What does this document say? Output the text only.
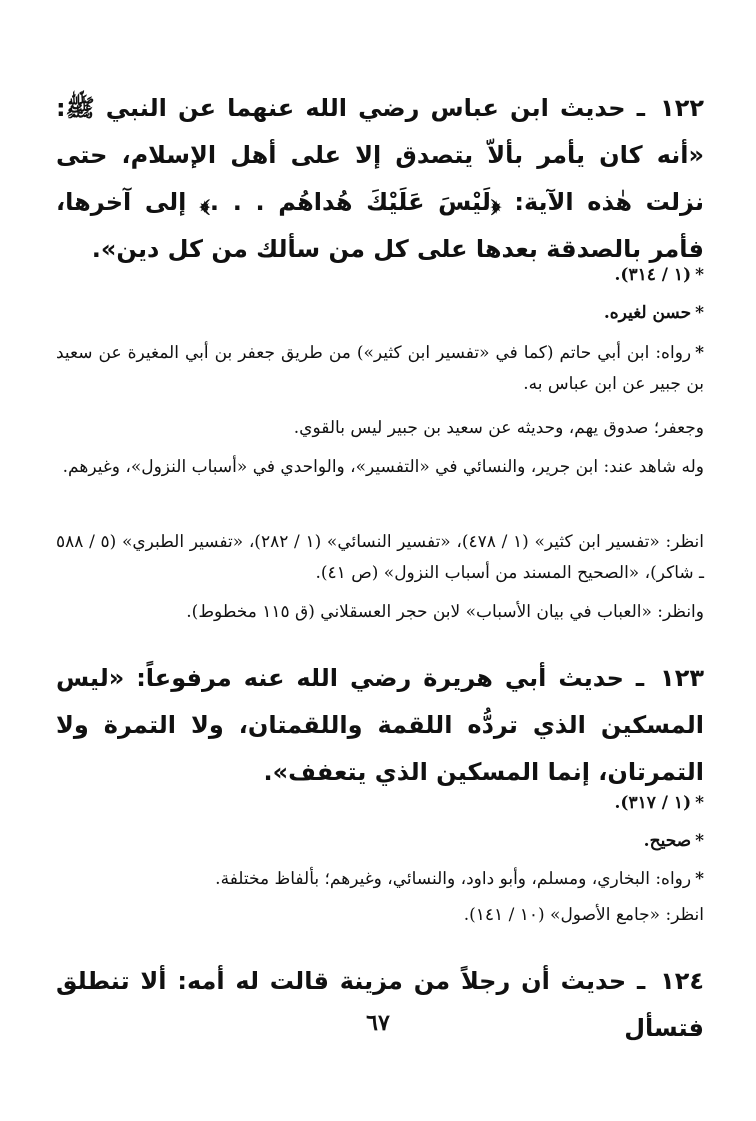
١٢٢ ـ حديث ابن عباس رضي الله عنهما عن النبي ﷺ: «أنه كان يأمر بألاّ يتصدق إلا على أهل الإسلام، حتى نزلت هٰذه الآية: ﴿لَيْسَ عَلَيْكَ هُداهُم . . .﴾ إلى آخرها، فأمر بالصدقة بعدها على كل من سألك من كل دين».

*(١ / ٣١٤).

*حسن لغيره.

*رواه: ابن أبي حاتم (كما في «تفسير ابن كثير») من طريق جعفر بن أبي المغيرة عن سعيد بن جبير عن ابن عباس به.

وجعفر؛ صدوق يهم، وحديثه عن سعيد بن جبير ليس بالقوي.

وله شاهد عند: ابن جرير، والنسائي في «التفسير»، والواحدي في «أسباب النزول»، وغيرهم.

انظر: «تفسير ابن كثير» (١ / ٤٧٨)، «تفسير النسائي» (١ / ٢٨٢)، «تفسير الطبري» (٥ / ٥٨٨ ـ شاكر)، «الصحيح المسند من أسباب النزول» (ص ٤١).

وانظر: «العباب في بيان الأسباب» لابن حجر العسقلاني (ق ١١٥ مخطوط).

١٢٣ ـ حديث أبي هريرة رضي الله عنه مرفوعاً: «ليس المسكين الذي تردُّه اللقمة واللقمتان، ولا التمرة ولا التمرتان، إنما المسكين الذي يتعفف».

*(١ / ٣١٧).

*صحيح.

*رواه: البخاري، ومسلم، وأبو داود، والنسائي، وغيرهم؛ بألفاظ مختلفة.

انظر: «جامع الأصول» (١٠ / ١٤١).

١٢٤ ـ حديث أن رجلاً من مزينة قالت له أمه: ألا تنطلق فتسأل

٦٧
